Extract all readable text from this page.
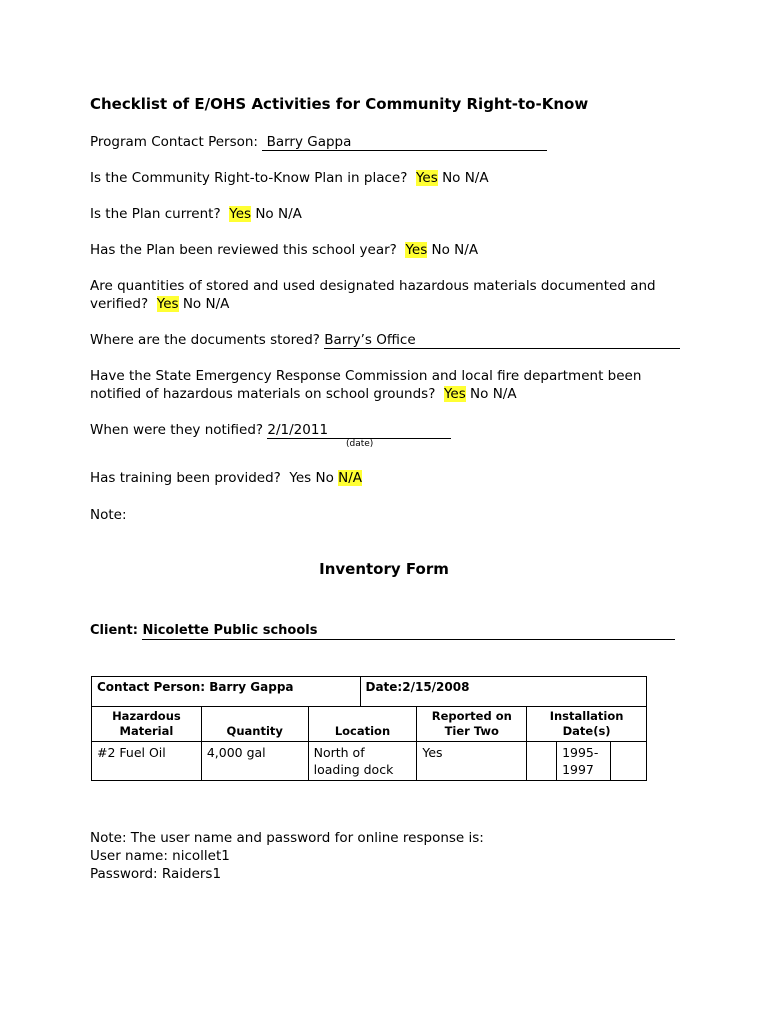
Checklist of E/OHS Activities for Community Right-to-Know
Program Contact Person: Barry Gappa
Is the Community Right-to-Know Plan in place? Yes No N/A
Is the Plan current? Yes No N/A
Has the Plan been reviewed this school year? Yes No N/A
Are quantities of stored and used designated hazardous materials documented and
verified? Yes No N/A
Where are the documents stored? Barry’s Office
Have the State Emergency Response Commission and local fire department been
notified of hazardous materials on school grounds? Yes No N/A
When were they notified? 2/1/2011
(date)
Has training been provided? Yes No N/A
Note:
Inventory Form
Client: Nicolette Public schools
Contact Person: Barry Gappa			Date:2/15/2008				
Hazardous Material	Quantity	Location		Reported on Tier Two	Installation Date(s)		
#2 Fuel Oil	4,000 gal	North of loading dock		Yes		1995-1997	
Note: The user name and password for online response is:
User name: nicollet1
Password: Raiders1
